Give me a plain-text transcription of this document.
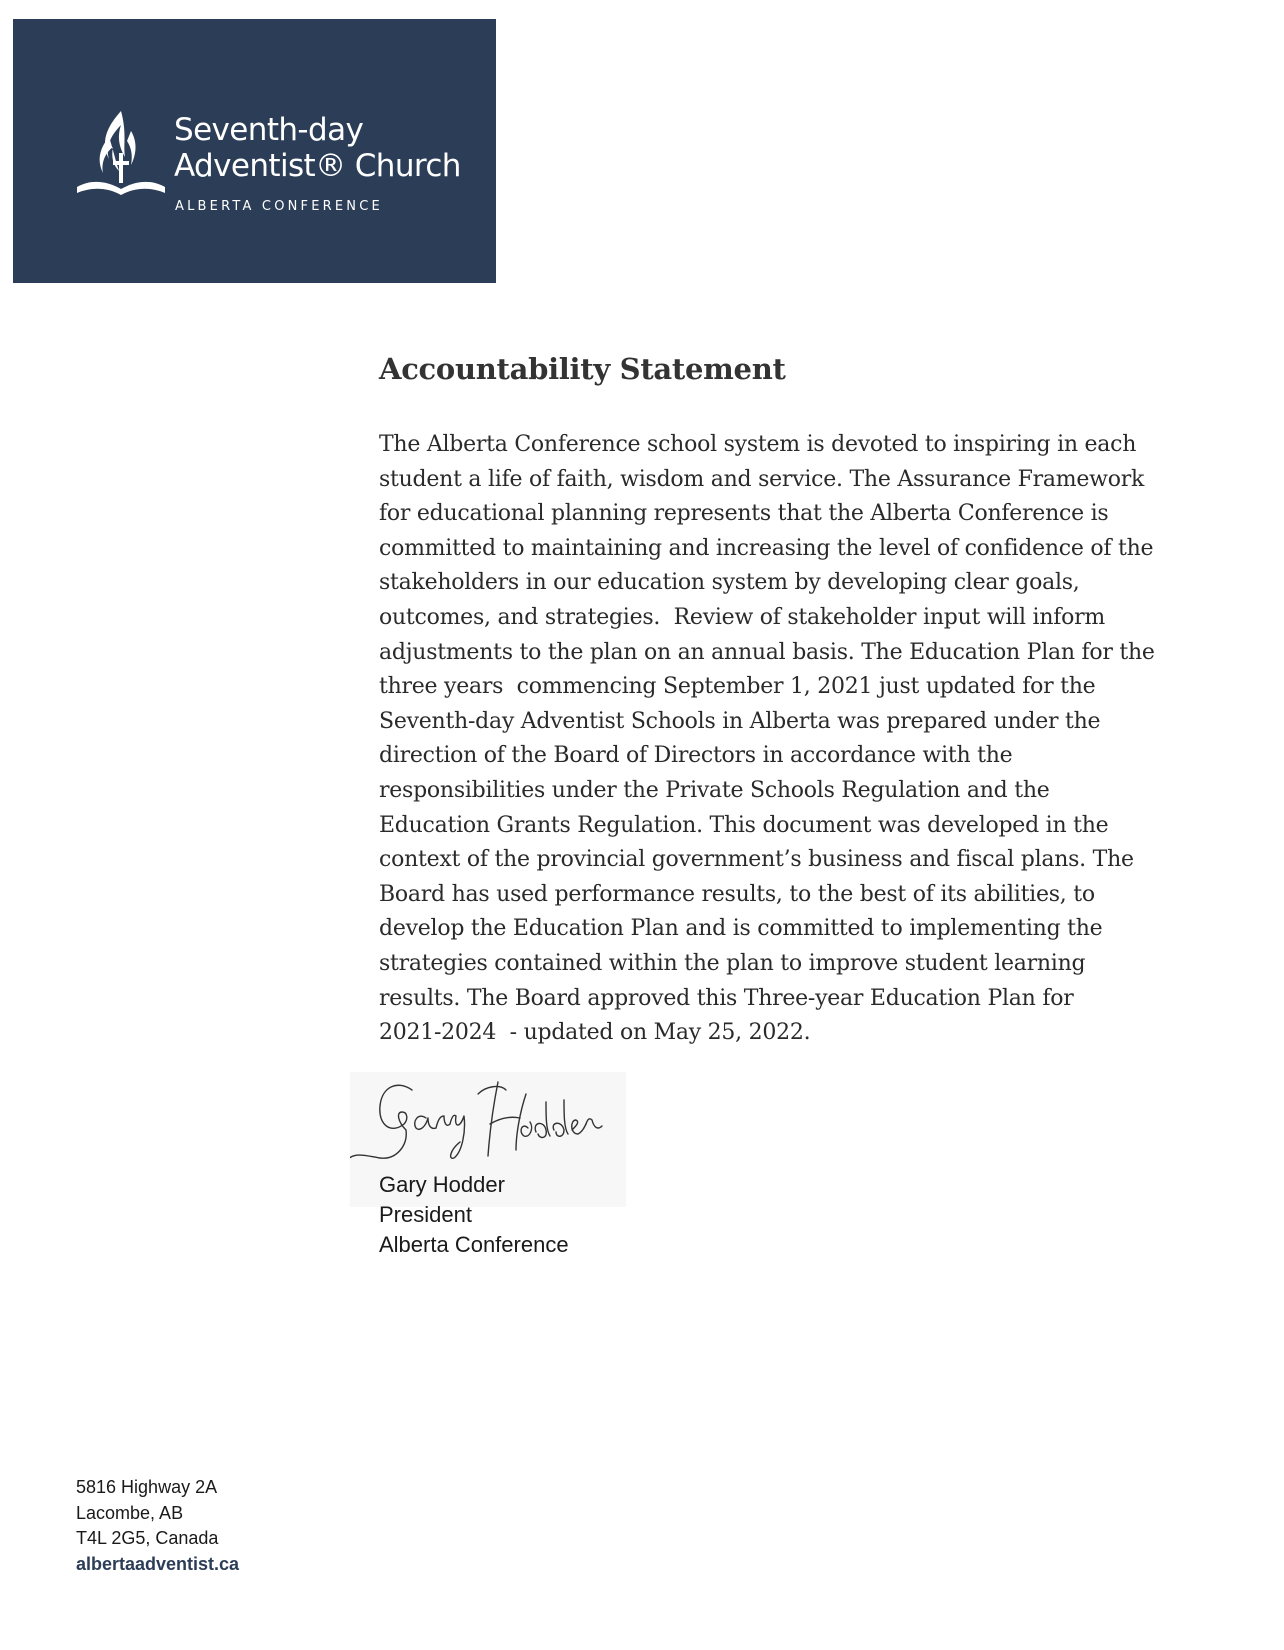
Seventh-day
Adventist® Church
ALBERTA CONFERENCE
Accountability Statement
The Alberta Conference school system is devoted to inspiring in each
student a life of faith, wisdom and service. The Assurance Framework
for educational planning represents that the Alberta Conference is
committed to maintaining and increasing the level of confidence of the
stakeholders in our education system by developing clear goals,
outcomes, and strategies.  Review of stakeholder input will inform
adjustments to the plan on an annual basis. The Education Plan for the
three years  commencing September 1, 2021 just updated for the
Seventh-day Adventist Schools in Alberta was prepared under the
direction of the Board of Directors in accordance with the
responsibilities under the Private Schools Regulation and the
Education Grants Regulation. This document was developed in the
context of the provincial government’s business and fiscal plans. The
Board has used performance results, to the best of its abilities, to
develop the Education Plan and is committed to implementing the
strategies contained within the plan to improve student learning
results. The Board approved this Three-year Education Plan for
2021-2024  - updated on May 25, 2022.
Gary Hodder
President
Alberta Conference
5816 Highway 2A
Lacombe, AB
T4L 2G5, Canada
albertaadventist.ca
